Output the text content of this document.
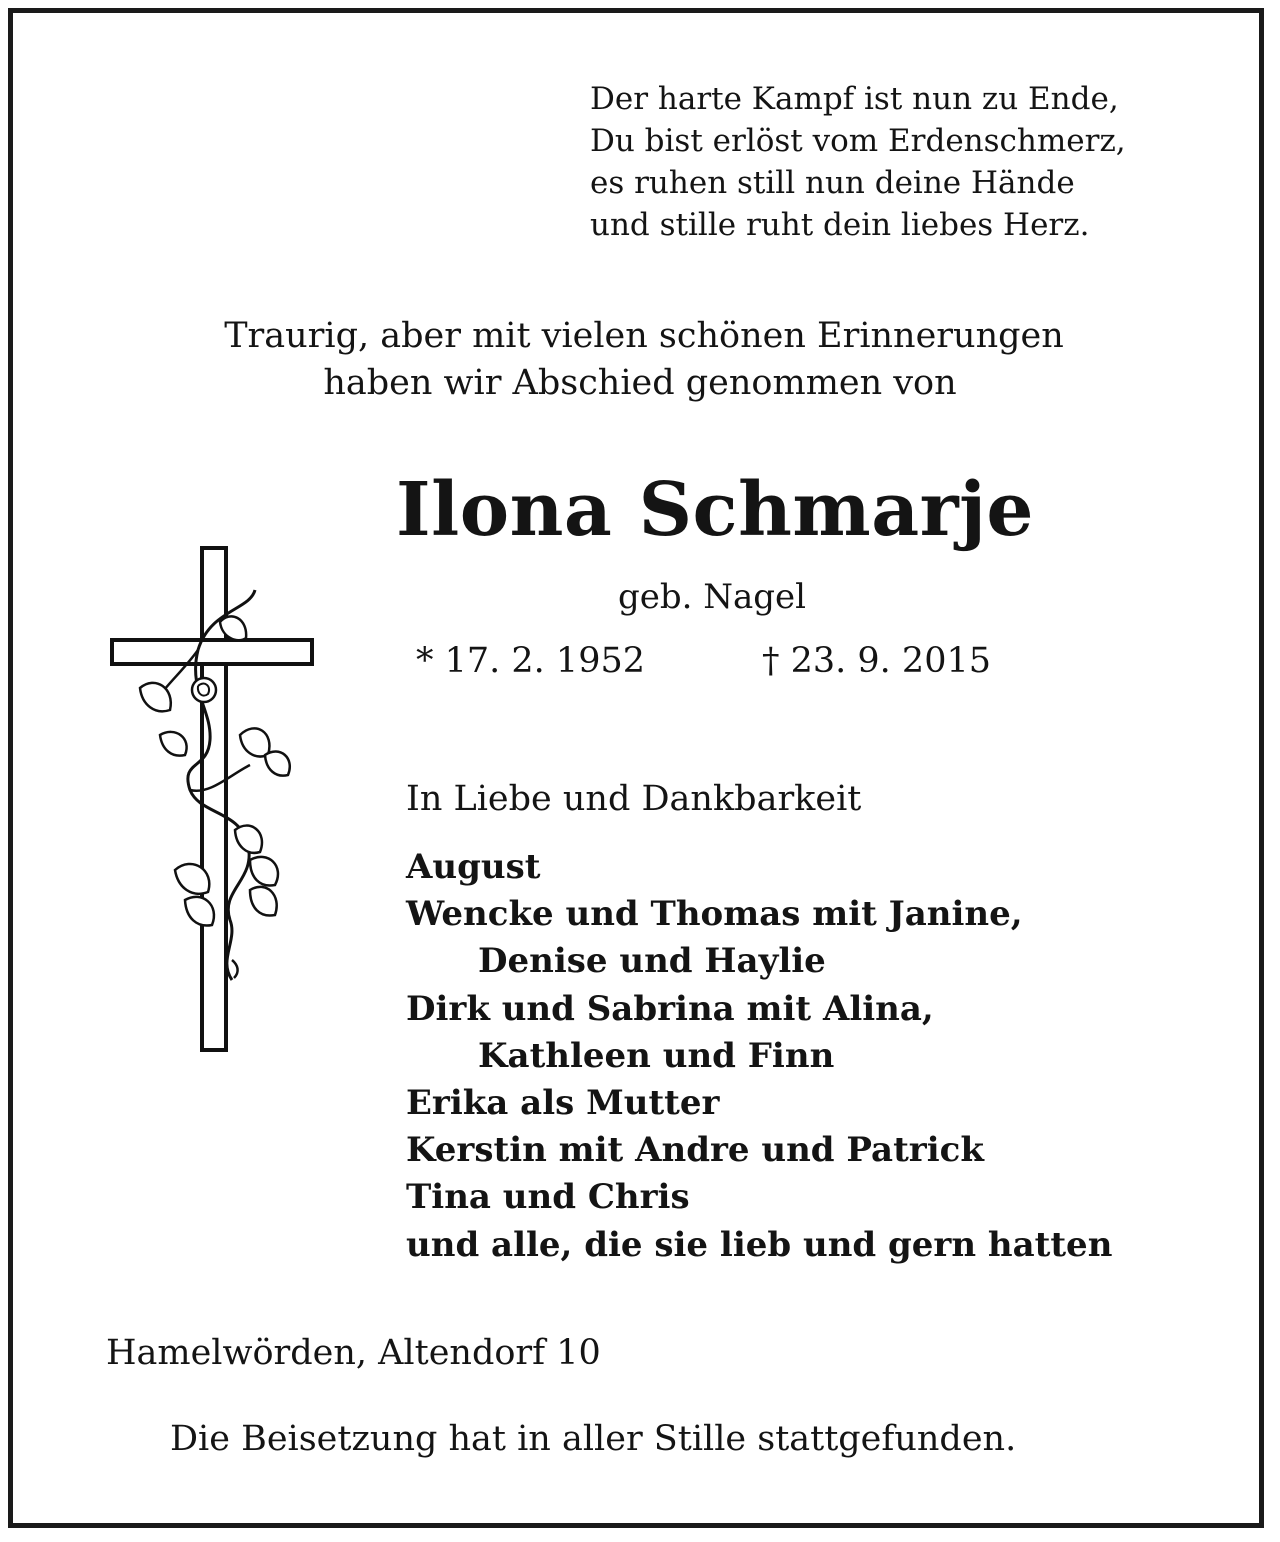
Der harte Kampf ist nun zu Ende,
Du bist erlöst vom Erdenschmerz,
es ruhen still nun deine Hände
und stille ruht dein liebes Herz.
Traurig, aber mit vielen schönen Erinnerungen
haben wir Abschied genommen von
Ilona Schmarje
geb. Nagel
* 17. 2. 1952	† 23. 9. 2015
In Liebe und Dankbarkeit
August
Wencke und Thomas mit Janine,
Denise und Haylie
Dirk und Sabrina mit Alina,
Kathleen und Finn
Erika als Mutter
Kerstin mit Andre und Patrick
Tina und Chris
und alle, die sie lieb und gern hatten
Hamelwörden, Altendorf 10
Die Beisetzung hat in aller Stille stattgefunden.
